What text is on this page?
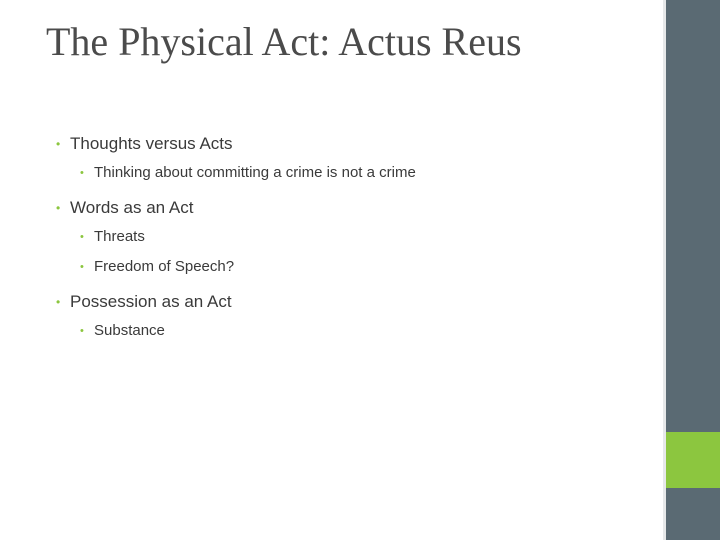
The Physical Act: Actus Reus
• Thoughts versus Acts
• Thinking about committing a crime is not a crime
• Words as an Act
• Threats
• Freedom of Speech?
• Possession as an Act
• Substance
